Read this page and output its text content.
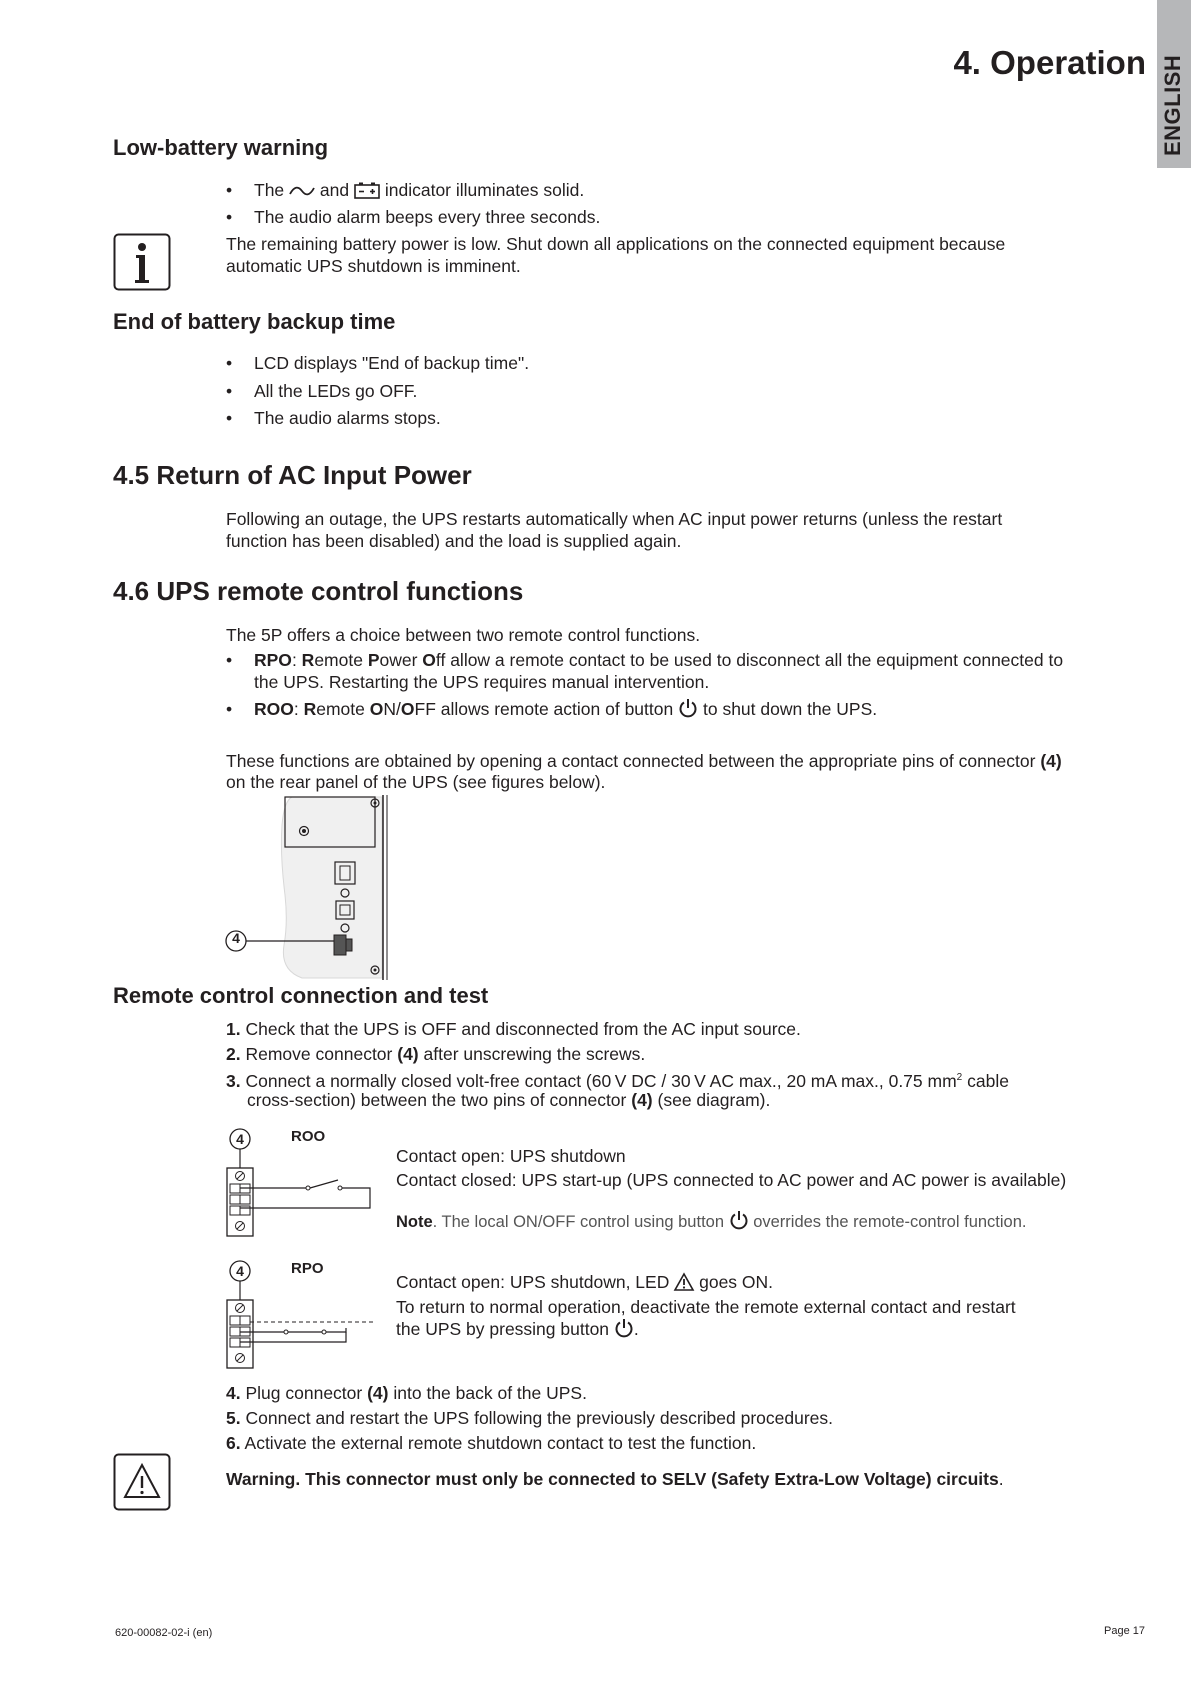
ENGLISH
4. Operation
Low-battery warning
• The and indicator illuminates solid.
• The audio alarm beeps every three seconds.
The remaining battery power is low. Shut down all applications on the connected equipment because
automatic UPS shutdown is imminent.
End of battery backup time
• LCD displays "End of backup time".
• All the LEDs go OFF.
• The audio alarms stops.
4.5 Return of AC Input Power
Following an outage, the UPS restarts automatically when AC input power returns (unless the restart
function has been disabled) and the load is supplied again.
4.6 UPS remote control functions
The 5P offers a choice between two remote control functions.
• RPO: Remote Power Off allow a remote contact to be used to disconnect all the equipment connected to
the UPS. Restarting the UPS requires manual intervention.
• ROO: Remote ON/OFF allows remote action of button to shut down the UPS.
These functions are obtained by opening a contact connected between the appropriate pins of connector (4)
on the rear panel of the UPS (see figures below).
4
Remote control connection and test
1. Check that the UPS is OFF and disconnected from the AC input source.
2. Remove connector (4) after unscrewing the screws.
3. Connect a normally closed volt-free contact (60 V DC / 30 V AC max., 20 mA max., 0.75 $mm^2$ cable
cross-section) between the two pins of connector (4) (see diagram).
4	ROO
Contact open: UPS shutdown
Contact closed: UPS start-up (UPS connected to AC power and AC power is available)
Note. The local ON/OFF control using button overrides the remote-control function.
4	RPO
Contact open: UPS shutdown, LED goes ON.
To return to normal operation, deactivate the remote external contact and restart
the UPS by pressing button .
4. Plug connector (4) into the back of the UPS.
5. Connect and restart the UPS following the previously described procedures.
6. Activate the external remote shutdown contact to test the function.
Warning. This connector must only be connected to SELV (Safety Extra-Low Voltage) circuits.
620-00082-02-i (en)	Page 17
